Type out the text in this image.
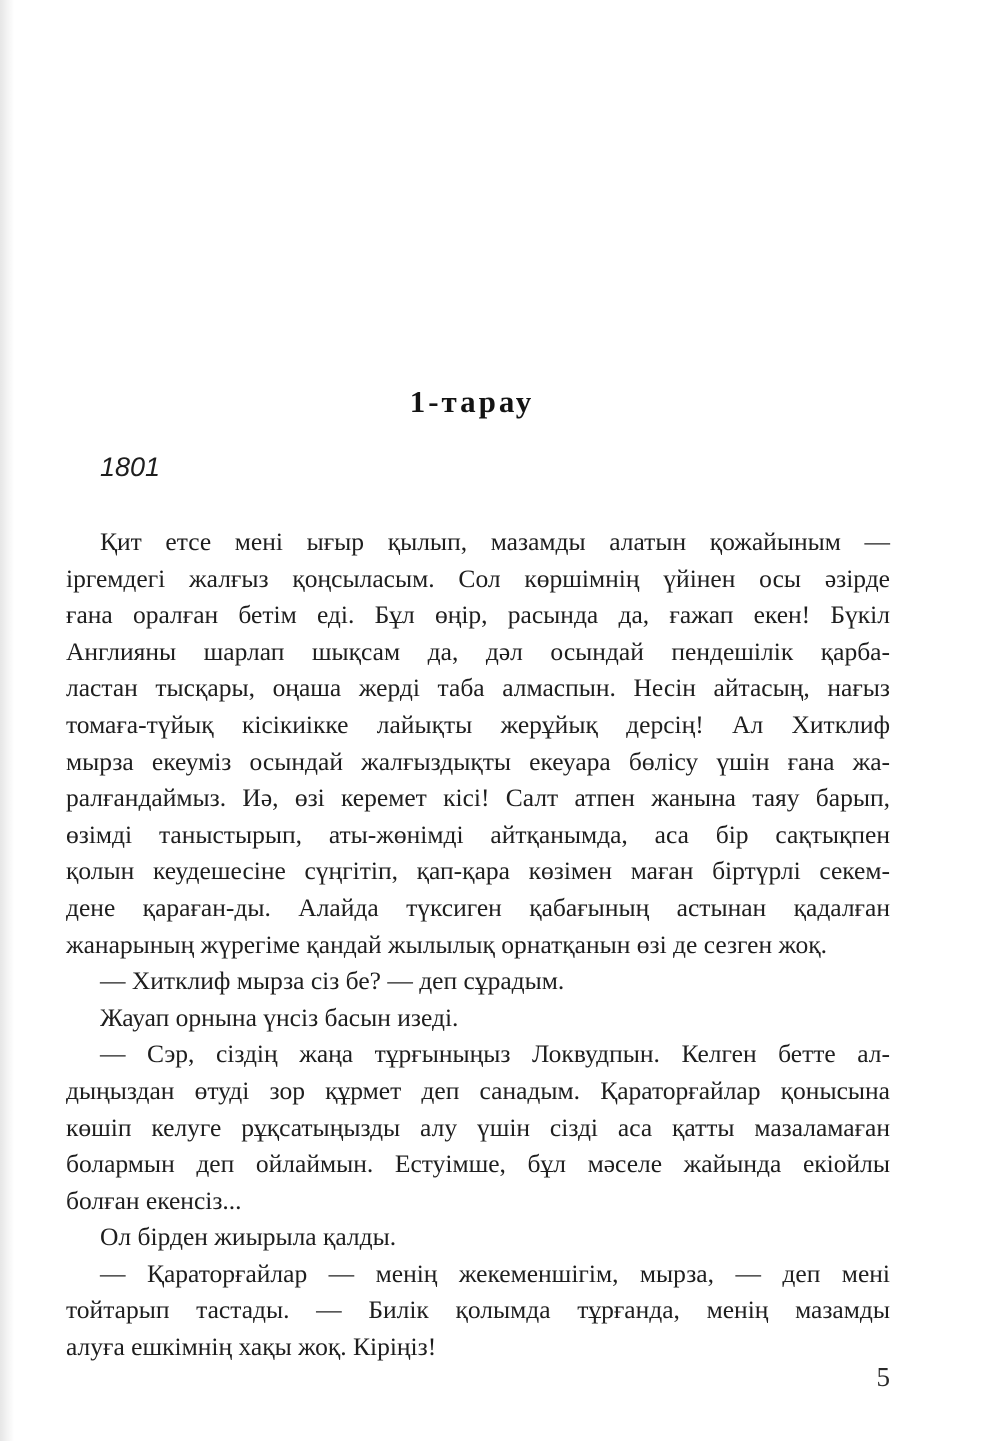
1-тарау
1801
Қит етсе мені ығыр қылып, мазамды алатын қожайыным —
іргемдегі жалғыз қоңсыласым. Сол көршімнің үйінен осы әзірде
ғана оралған бетім еді. Бұл өңір, расында да, ғажап екен! Бүкіл
Англияны шарлап шықсам да, дәл осындай пендешілік қарба-
ластан тысқары, оңаша жерді таба алмаспын. Несін айтасың, нағыз
томаға-түйық кісікиікке лайықты жерұйық дерсің! Ал Хитклиф
мырза екеуміз осындай жалғыздықты екеуара бөлісу үшін ғана жа-
ралғандаймыз. Иә, өзі керемет кісі! Салт атпен жанына таяу барып,
өзімді таныстырып, аты-жөнімді айтқанымда, аса бір сақтықпен
қолын кеудешесіне сүңгітіп, қап-қара көзімен маған біртүрлі секем-
дене қараған-ды. Алайда түксиген қабағының астынан қадалған
жанарының жүрегіме қандай жылылық орнатқанын өзі де сезген жоқ.
— Хитклиф мырза сіз бе? — деп сұрадым.
Жауап орнына үнсіз басын изеді.
— Сэр, сіздің жаңа тұрғыныңыз Локвудпын. Келген бетте ал-
дыңыздан өтуді зор құрмет деп санадым. Қараторғайлар қонысына
көшіп келуге рұқсатыңызды алу үшін сізді аса қатты мазаламаған
болармын деп ойлаймын. Естуімше, бұл мәселе жайында екіойлы
болған екенсіз...
Ол бірден жиырыла қалды.
— Қараторғайлар — менің жекеменшігім, мырза, — деп мені
тойтарып тастады. — Билік қолымда тұрғанда, менің мазамды
алуға ешкімнің хақы жоқ. Кіріңіз!
5
